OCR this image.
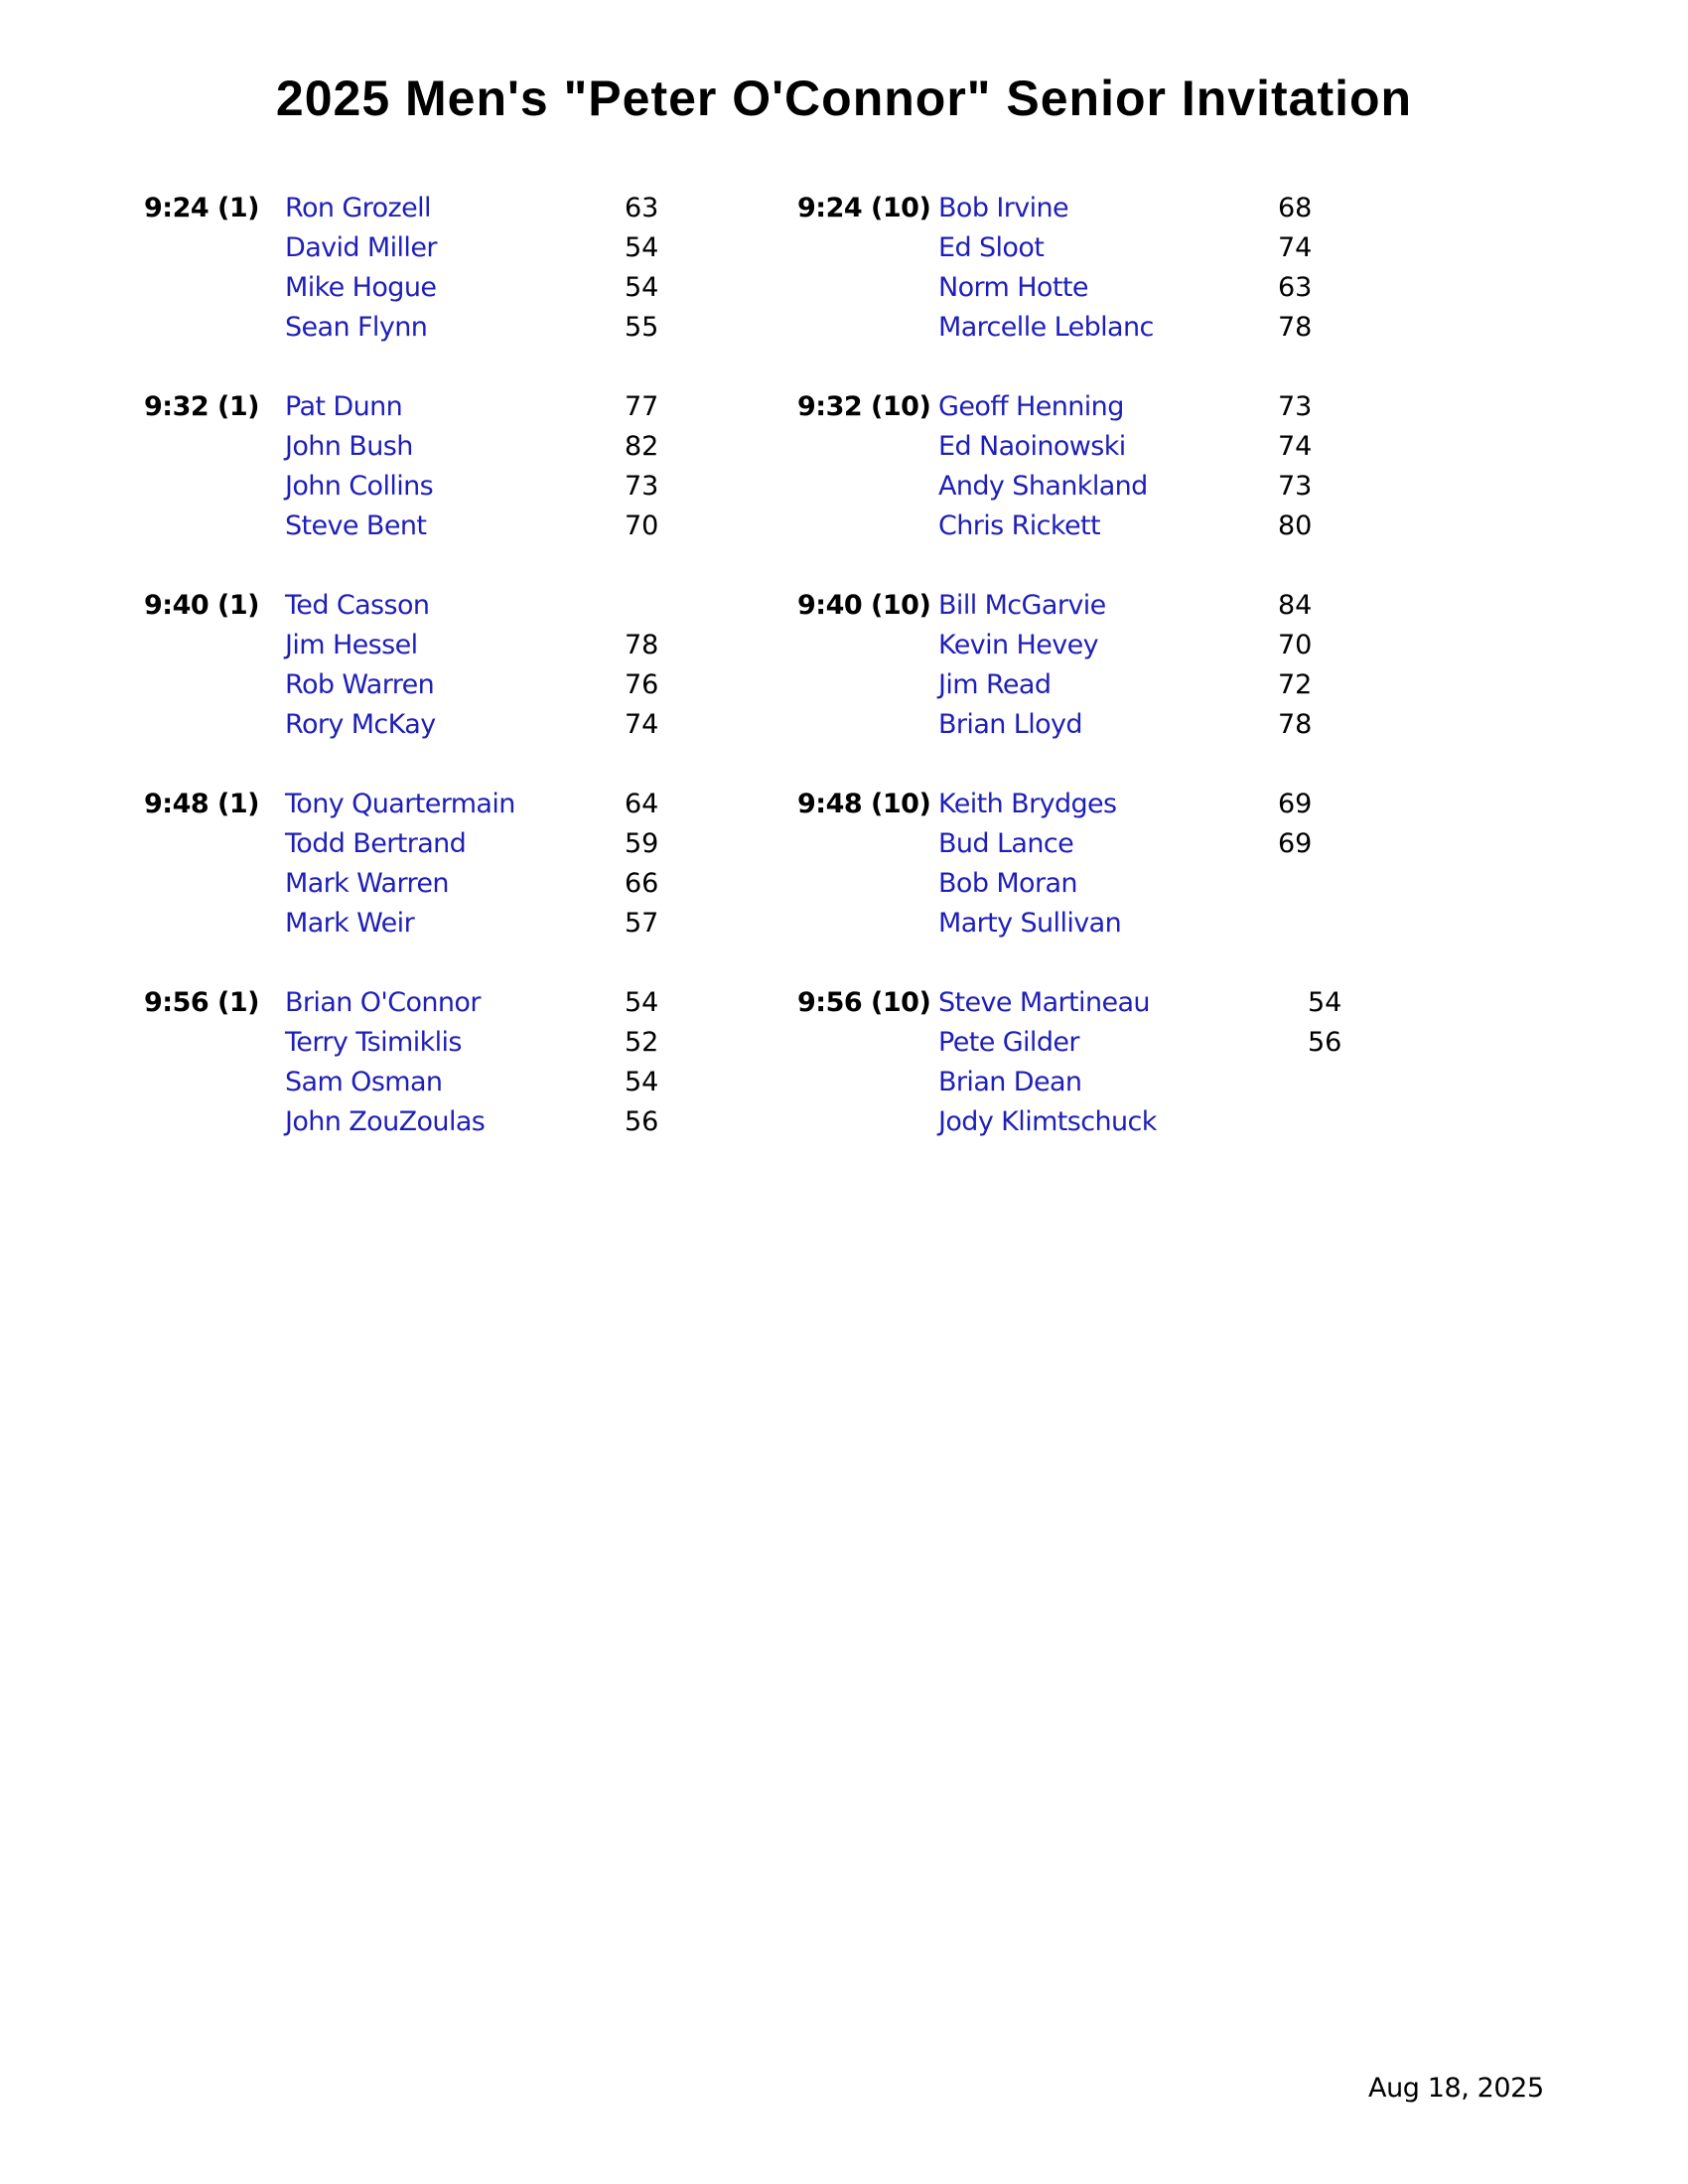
2025 Men's "Peter O'Connor" Senior Invitation
9:24 (1) Ron Grozell	63
David Miller	54
Mike Hogue	54
Sean Flynn	55
9:24 (10) Bob Irvine	68
Ed Sloot	74
Norm Hotte	63
Marcelle Leblanc	78
9:32 (1) Pat Dunn	77
John Bush	82
John Collins	73
Steve Bent	70
9:32 (10) Geoff Henning	73
Ed Naoinowski	74
Andy Shankland	73
Chris Rickett	80
9:40 (1) Ted Casson
Jim Hessel	78
Rob Warren	76
Rory McKay	74
9:40 (10) Bill McGarvie	84
Kevin Hevey	70
Jim Read	72
Brian Lloyd	78
9:48 (1) Tony Quartermain	64
Todd Bertrand	59
Mark Warren	66
Mark Weir	57
9:48 (10) Keith Brydges	69
Bud Lance	69
Bob Moran
Marty Sullivan
9:56 (1) Brian O'Connor	54
Terry Tsimiklis	52
Sam Osman	54
John ZouZoulas	56
9:56 (10) Steve Martineau	54
Pete Gilder	56
Brian Dean
Jody Klimtschuck
Aug 18, 2025
